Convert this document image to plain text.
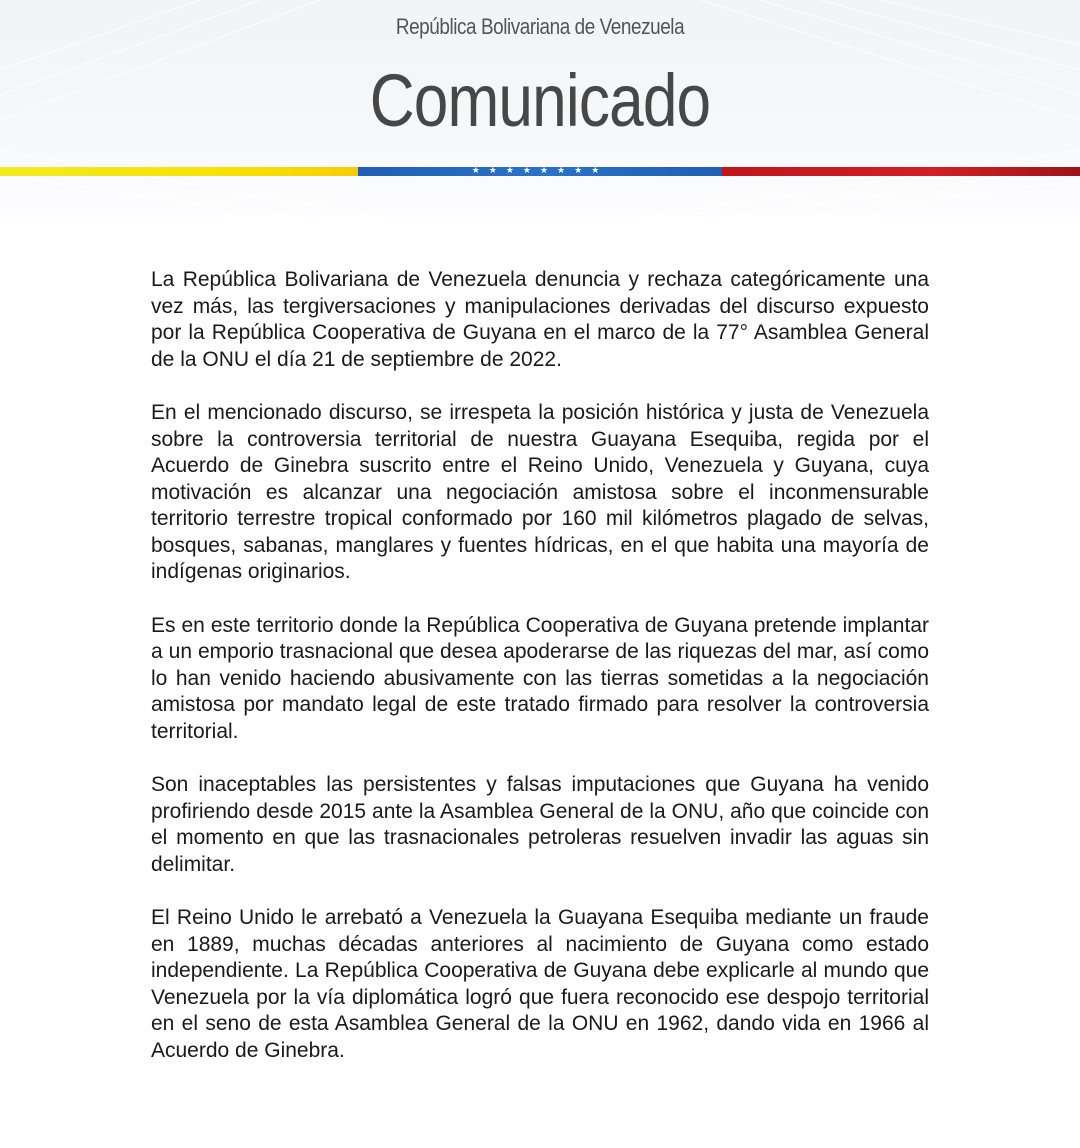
República Bolivariana de Venezuela
Comunicado
★★★★★★★★

La República Bolivariana de Venezuela denuncia y rechaza categóricamente una vez más, las tergiversaciones y manipulaciones derivadas del discurso expuesto por la República Cooperativa de Guyana en el marco de la 77° Asamblea General de la ONU el día 21 de septiembre de 2022.

En el mencionado discurso, se irrespeta la posición histórica y justa de Venezuela sobre la controversia territorial de nuestra Guayana Esequiba, regida por el Acuerdo de Ginebra suscrito entre el Reino Unido, Venezuela y Guyana, cuya motivación es alcanzar una negociación amistosa sobre el inconmensurable territorio terrestre tropical conformado por 160 mil kilómetros plagado de selvas, bosques, sabanas, manglares y fuentes hídricas, en el que habita una mayoría de indígenas originarios.

Es en este territorio donde la República Cooperativa de Guyana pretende implantar a un emporio trasnacional que desea apoderarse de las riquezas del mar, así como lo han venido haciendo abusivamente con las tierras sometidas a la negociación amistosa por mandato legal de este tratado firmado para resolver la controversia territorial.

Son inaceptables las persistentes y falsas imputaciones que Guyana ha venido profiriendo desde 2015 ante la Asamblea General de la ONU, año que coincide con el momento en que las trasnacionales petroleras resuelven invadir las aguas sin delimitar.

El Reino Unido le arrebató a Venezuela la Guayana Esequiba mediante un fraude en 1889, muchas décadas anteriores al nacimiento de Guyana como estado independiente. La República Cooperativa de Guyana debe explicarle al mundo que Venezuela por la vía diplomática logró que fuera reconocido ese despojo territorial en el seno de esta Asamblea General de la ONU en 1962, dando vida en 1966 al Acuerdo de Ginebra.
